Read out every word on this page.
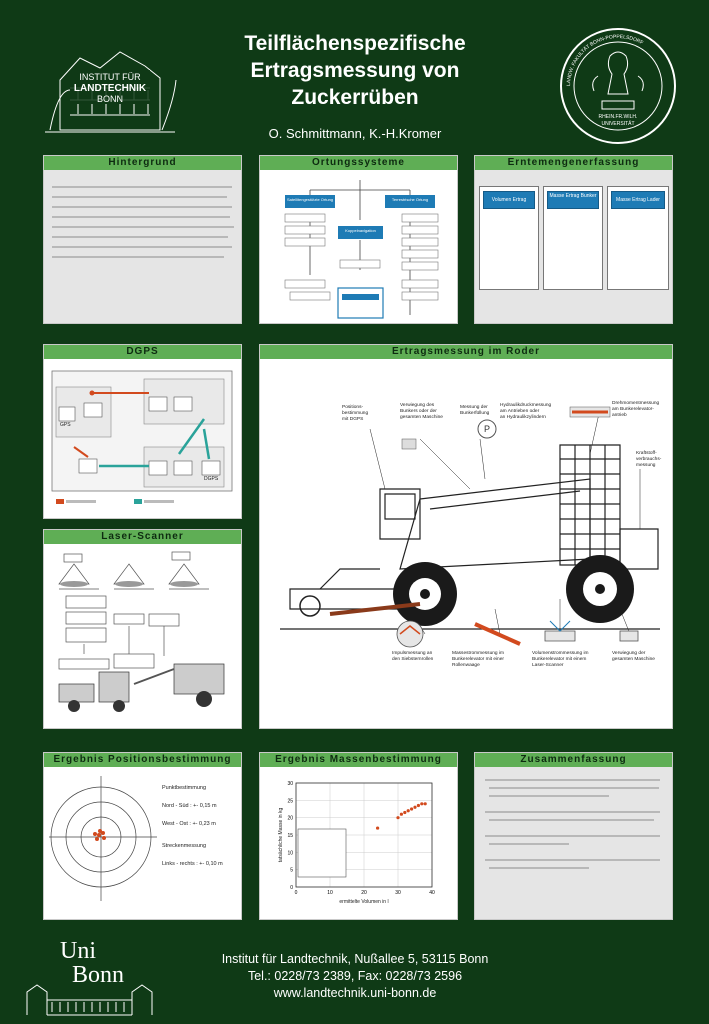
Teilflächenspezifische
Ertragsmessung von
Zuckerrüben
O. Schmittmann, K.-H.Kromer
INSTITUT FÜR
LANDTECHNIK
BONN
LANDW. FAKULTÄT BONN-POPPELSDORF
RHEIN.FR.WILH.
UNIVERSITÄT
Hintergrund	Ortungssysteme
Satellitengestützte Ortung	Terrestrische Ortung
Koppelnavigation
Erntemengenerfassung
Volumen Ertrag
Masse Ertrag Bunker
Masse Ertrag Lader
DGPS
GPS
DGPS
Ertragsmessung im Roder
P
Positions-
bestimmung
mit DGPS
Verwiegung des
Bunkers oder der
gesamten Maschine
Messung der
Bunkerfüllung
Hydraulikdruckmessung
am Antrieben oder
an Hydraulikzylindern
Drehmomentmessung
am Bunkerelevator-
antrieb
Kraftstoff-
verbrauchs-
messung
Impulsmessung an
den Siebsternrollen
Massestrommessung im
Bunkerelevator mit einer
Rollenwaage
Volumenstrommessung im
Bunkerelevator mit einem
Laser-Scanner
Verwiegung der
gesamten Maschine
Laser-Scanner
Ergebnis Positionsbestimmung
Punktbestimmung
Nord - Süd : +- 0,15 m
West - Ost : +- 0,23 m
Streckenmessung
Links - rechts : +- 0,10 m
Ergebnis Massenbestimmung
0	10	20	30	40
0
5
10
15
20
25
30
ermittelte Volumen in l
tatsächliche Masse in kg
Zusammenfassung
Uni
Bonn
Institut für Landtechnik, Nußallee 5, 53115 Bonn
Tel.: 0228/73 2389, Fax: 0228/73 2596
www.landtechnik.uni-bonn.de
